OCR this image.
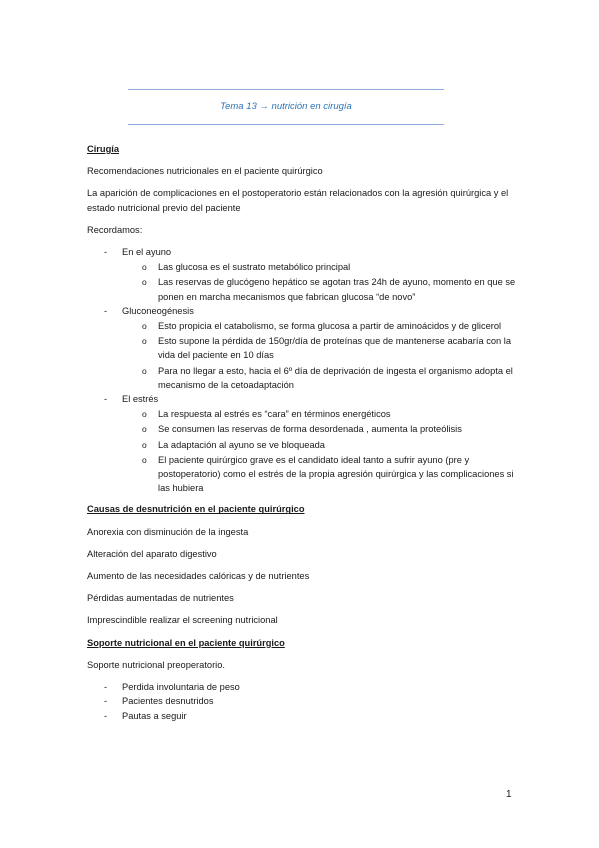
Tema 13 → nutrición en cirugía
Cirugía
Recomendaciones nutricionales en el paciente quirúrgico
La aparición de complicaciones en el postoperatorio están relacionados con la agresión quirúrgica y el estado nutricional previo del paciente
Recordamos:
- En el ayuno
o Las glucosa es el sustrato metabólico principal
o Las reservas de glucógeno hepático se agotan tras 24h de ayuno, momento en que se ponen en marcha mecanismos que fabrican glucosa “de novo”
- Gluconeogénesis
o Esto propicia el catabolismo, se forma glucosa a partir de aminoácidos y de glicerol
o Esto supone la pérdida de 150gr/día de proteínas que de mantenerse acabaría con la vida del paciente en 10 días
o Para no llegar a esto, hacia el 6º día de deprivación de ingesta el organismo adopta el mecanismo de la cetoadaptación
- El estrés
o La respuesta al estrés es “cara” en términos energéticos
o Se consumen las reservas de forma desordenada , aumenta la proteólisis
o La adaptación al ayuno se ve bloqueada
o El paciente quirúrgico grave es el candidato ideal tanto a sufrir ayuno (pre y postoperatorio) como el estrés de la propia agresión quirúrgica y las complicaciones si las hubiera
Causas de desnutrición en el paciente quirúrgico
Anorexia con disminución de la ingesta
Alteración del aparato digestivo
Aumento de las necesidades calóricas y de nutrientes
Pérdidas aumentadas de nutrientes
Imprescindible realizar el screening nutricional
Soporte nutricional en el paciente quirúrgico
Soporte nutricional preoperatorio.
- Perdida involuntaria de peso
- Pacientes desnutridos
- Pautas a seguir
1
